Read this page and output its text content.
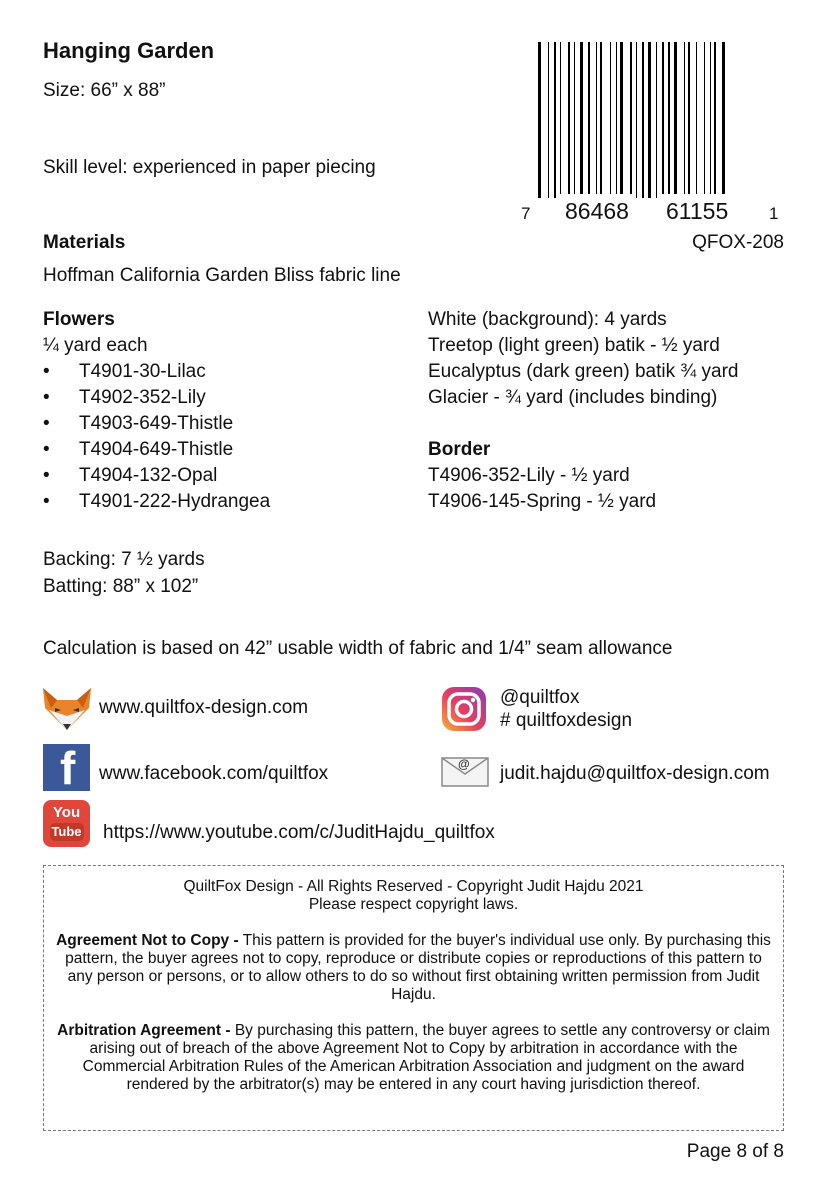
Hanging Garden
Size: 66” x 88”
Skill level: experienced in paper piecing
7 86468 61155 1
QFOX-208
Materials
Hoffman California Garden Bliss fabric line
Flowers
¼ yard each
• T4901-30-Lilac
• T4902-352-Lily
• T4903-649-Thistle
• T4904-649-Thistle
• T4904-132-Opal
• T4901-222-Hydrangea
White (background): 4 yards
Treetop (light green) batik - ½ yard
Eucalyptus (dark green) batik ¾ yard
Glacier - ¾ yard (includes binding)
Border
T4906-352-Lily - ½ yard
T4906-145-Spring - ½ yard
Backing: 7 ½ yards
Batting: 88” x 102”
Calculation is based on 42” usable width of fabric and 1/4” seam allowance
www.quiltfox-design.com	@quiltfox
# quiltfoxdesign
f www.facebook.com/quiltfox	@ judit.hajdu@quiltfox-design.com
You
Tube https://www.youtube.com/c/JuditHajdu_quiltfox

QuiltFox Design - All Rights Reserved - Copyright Judit Hajdu 2021
Please respect copyright laws.

Agreement Not to Copy - This pattern is provided for the buyer's individual use only. By purchasing this pattern, the buyer agrees not to copy, reproduce or distribute copies or reproductions of this pattern to any person or persons, or to allow others to do so without first obtaining written permission from Judit Hajdu.

Arbitration Agreement - By purchasing this pattern, the buyer agrees to settle any controversy or claim arising out of breach of the above Agreement Not to Copy by arbitration in accordance with the Commercial Arbitration Rules of the American Arbitration Association and judgment on the award rendered by the arbitrator(s) may be entered in any court having jurisdiction thereof.

Page 8 of 8
